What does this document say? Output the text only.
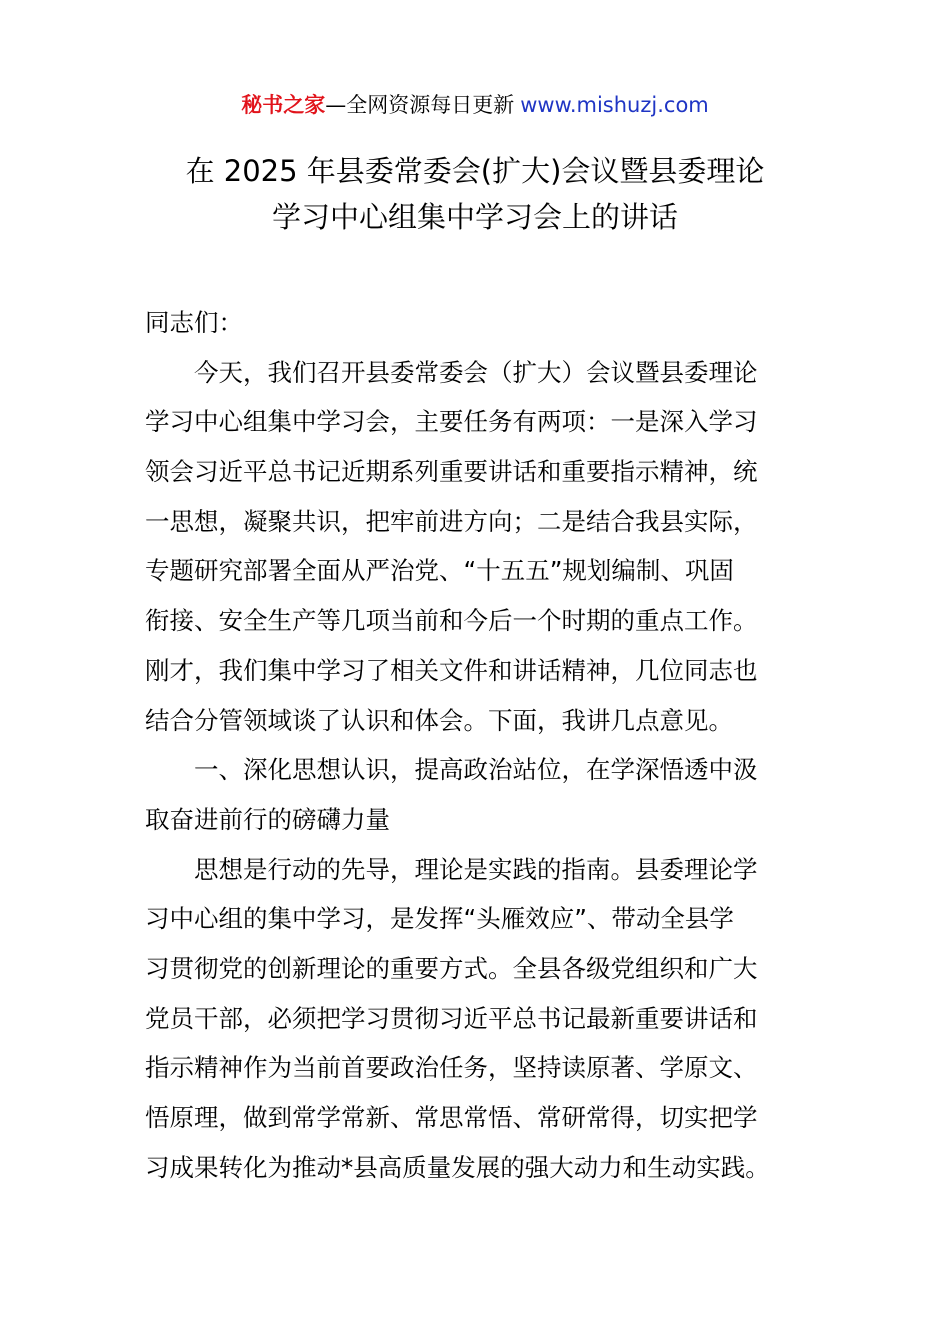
秘书之家—全网资源每日更新 www.mishuzj.com
在 2025 年县委常委会(扩大)会议暨县委理论
学习中心组集中学习会上的讲话
同志们：
今天，我们召开县委常委会（扩大）会议暨县委理论
学习中心组集中学习会，主要任务有两项：一是深入学习
领会习近平总书记近期系列重要讲话和重要指示精神，统
一思想，凝聚共识，把牢前进方向；二是结合我县实际，
专题研究部署全面从严治党、“十五五”规划编制、巩固
衔接、安全生产等几项当前和今后一个时期的重点工作。
刚才，我们集中学习了相关文件和讲话精神，几位同志也
结合分管领域谈了认识和体会。下面，我讲几点意见。
一、深化思想认识，提高政治站位，在学深悟透中汲
取奋进前行的磅礴力量
思想是行动的先导，理论是实践的指南。县委理论学
习中心组的集中学习，是发挥“头雁效应”、带动全县学
习贯彻党的创新理论的重要方式。全县各级党组织和广大
党员干部，必须把学习贯彻习近平总书记最新重要讲话和
指示精神作为当前首要政治任务，坚持读原著、学原文、
悟原理，做到常学常新、常思常悟、常研常得，切实把学
习成果转化为推动*县高质量发展的强大动力和生动实践。
